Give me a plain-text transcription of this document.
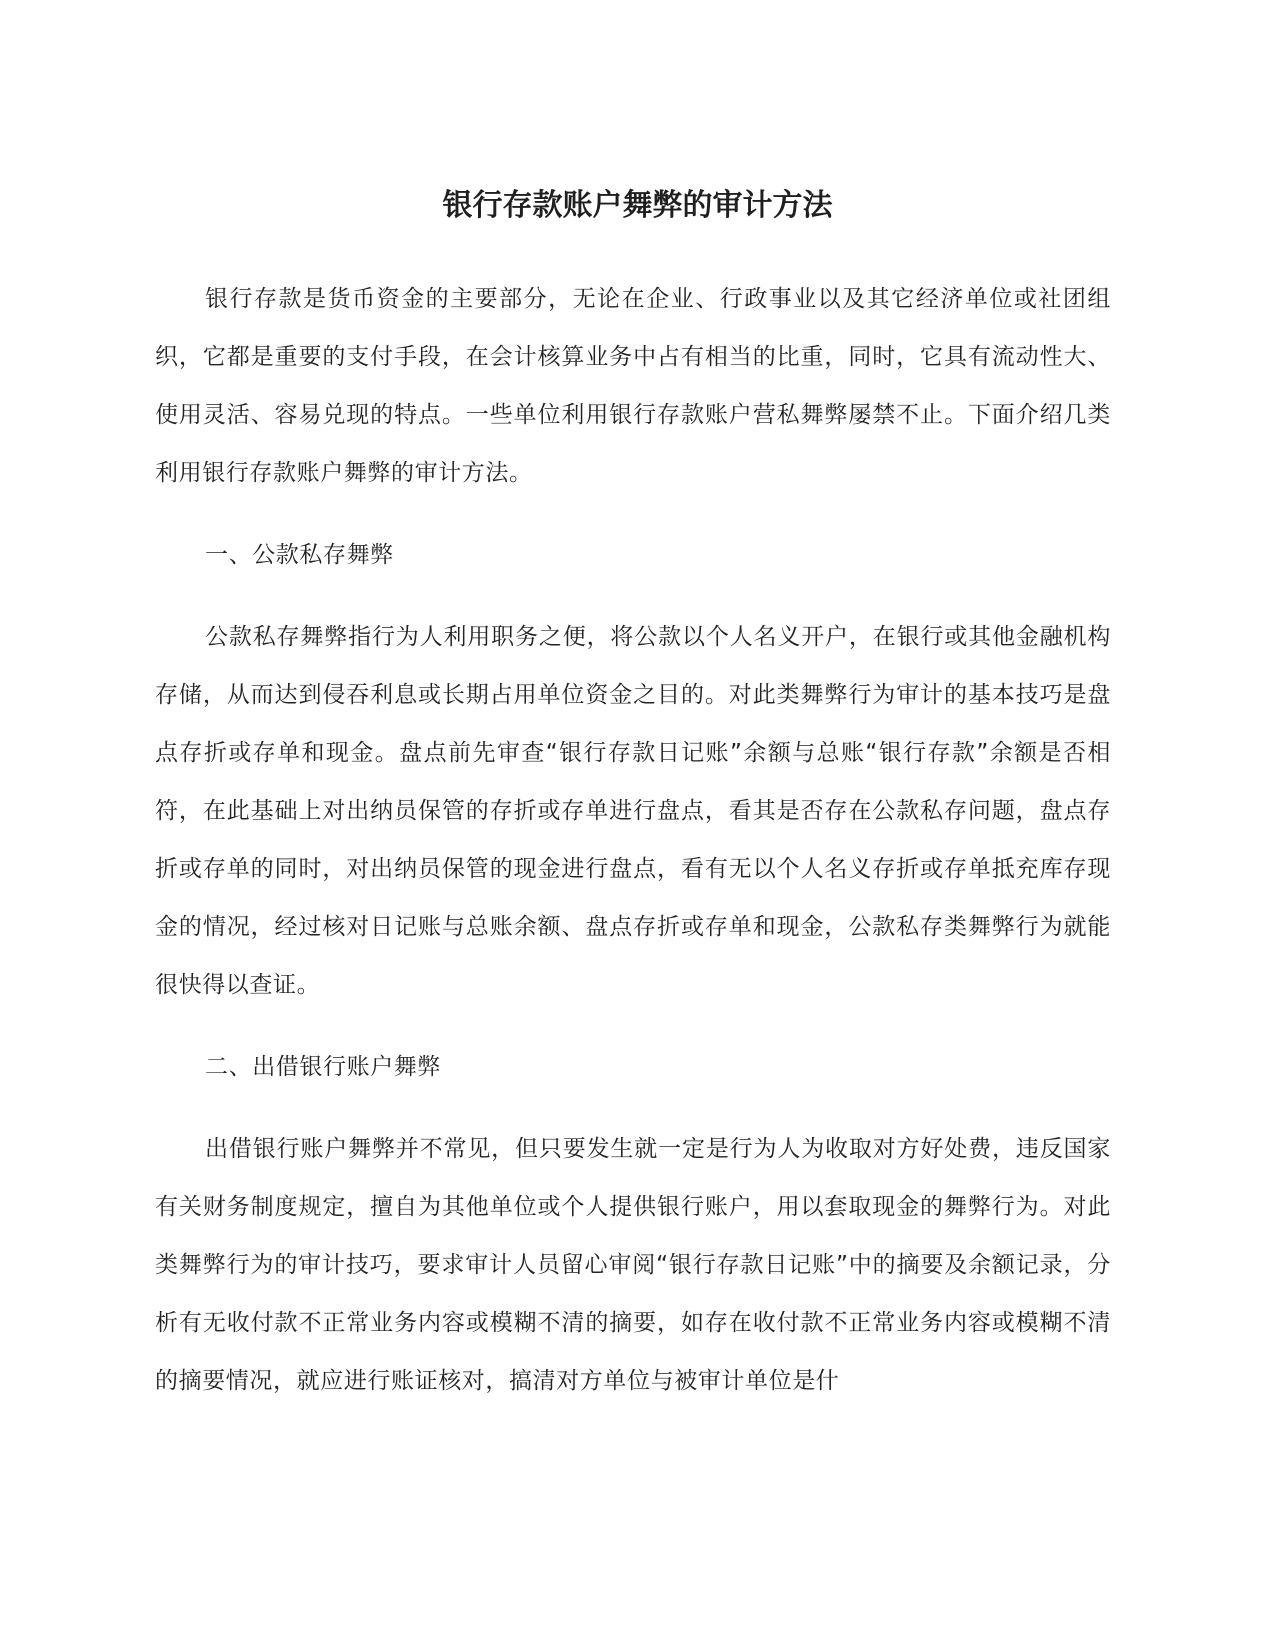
银行存款账户舞弊的审计方法

银行存款是货币资金的主要部分，无论在企业、行政事业以及其它经济单位或社团组织，它都是重要的支付手段，在会计核算业务中占有相当的比重，同时，它具有流动性大、使用灵活、容易兑现的特点。一些单位利用银行存款账户营私舞弊屡禁不止。下面介绍几类利用银行存款账户舞弊的审计方法。

一、公款私存舞弊

公款私存舞弊指行为人利用职务之便，将公款以个人名义开户，在银行或其他金融机构存储，从而达到侵吞利息或长期占用单位资金之目的。对此类舞弊行为审计的基本技巧是盘点存折或存单和现金。盘点前先审查“银行存款日记账”余额与总账“银行存款”余额是否相符，在此基础上对出纳员保管的存折或存单进行盘点，看其是否存在公款私存问题，盘点存折或存单的同时，对出纳员保管的现金进行盘点，看有无以个人名义存折或存单抵充库存现金的情况，经过核对日记账与总账余额、盘点存折或存单和现金，公款私存类舞弊行为就能很快得以查证。

二、出借银行账户舞弊

出借银行账户舞弊并不常见，但只要发生就一定是行为人为收取对方好处费，违反国家有关财务制度规定，擅自为其他单位或个人提供银行账户，用以套取现金的舞弊行为。对此类舞弊行为的审计技巧，要求审计人员留心审阅“银行存款日记账”中的摘要及余额记录，分析有无收付款不正常业务内容或模糊不清的摘要，如存在收付款不正常业务内容或模糊不清的摘要情况，就应进行账证核对，搞清对方单位与被审计单位是什
